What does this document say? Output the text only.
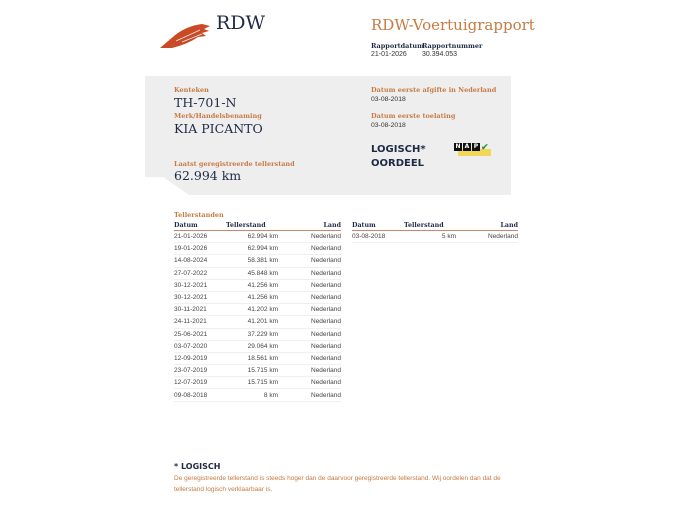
RDW	RDW-Voertuigrapport
Rapportdatum
21-01-2026
Rapportnummer
30.394.053
Kenteken
TH-701-N
Merk/Handelsbenaming
KIA PICANTO
Laatst geregistreerde tellerstand
62.994 km
Datum eerste afgifte in Nederland
03-08-2018
Datum eerste toelating
03-08-2018
LOGISCH*
OORDEEL
N A P ✔
Tellerstanden
Datum	Tellerstand	Land
21-01-2026	62.994 km	Nederland
19-01-2026	62.994 km	Nederland
14-08-2024	58.381 km	Nederland
27-07-2022	45.848 km	Nederland
30-12-2021	41.256 km	Nederland
30-12-2021	41.256 km	Nederland
30-11-2021	41.202 km	Nederland
24-11-2021	41.201 km	Nederland
25-06-2021	37.229 km	Nederland
03-07-2020	29.064 km	Nederland
12-09-2019	18.561 km	Nederland
23-07-2019	15.715 km	Nederland
12-07-2019	15.715 km	Nederland
09-08-2018	8 km	Nederland
Datum	Tellerstand	Land
03-08-2018	5 km	Nederland
* LOGISCH
De geregistreerde tellerstand is steeds hoger dan de daarvoor geregistreerde tellerstand. Wij oordelen dan dat de tellerstand logisch verklaarbaar is.
